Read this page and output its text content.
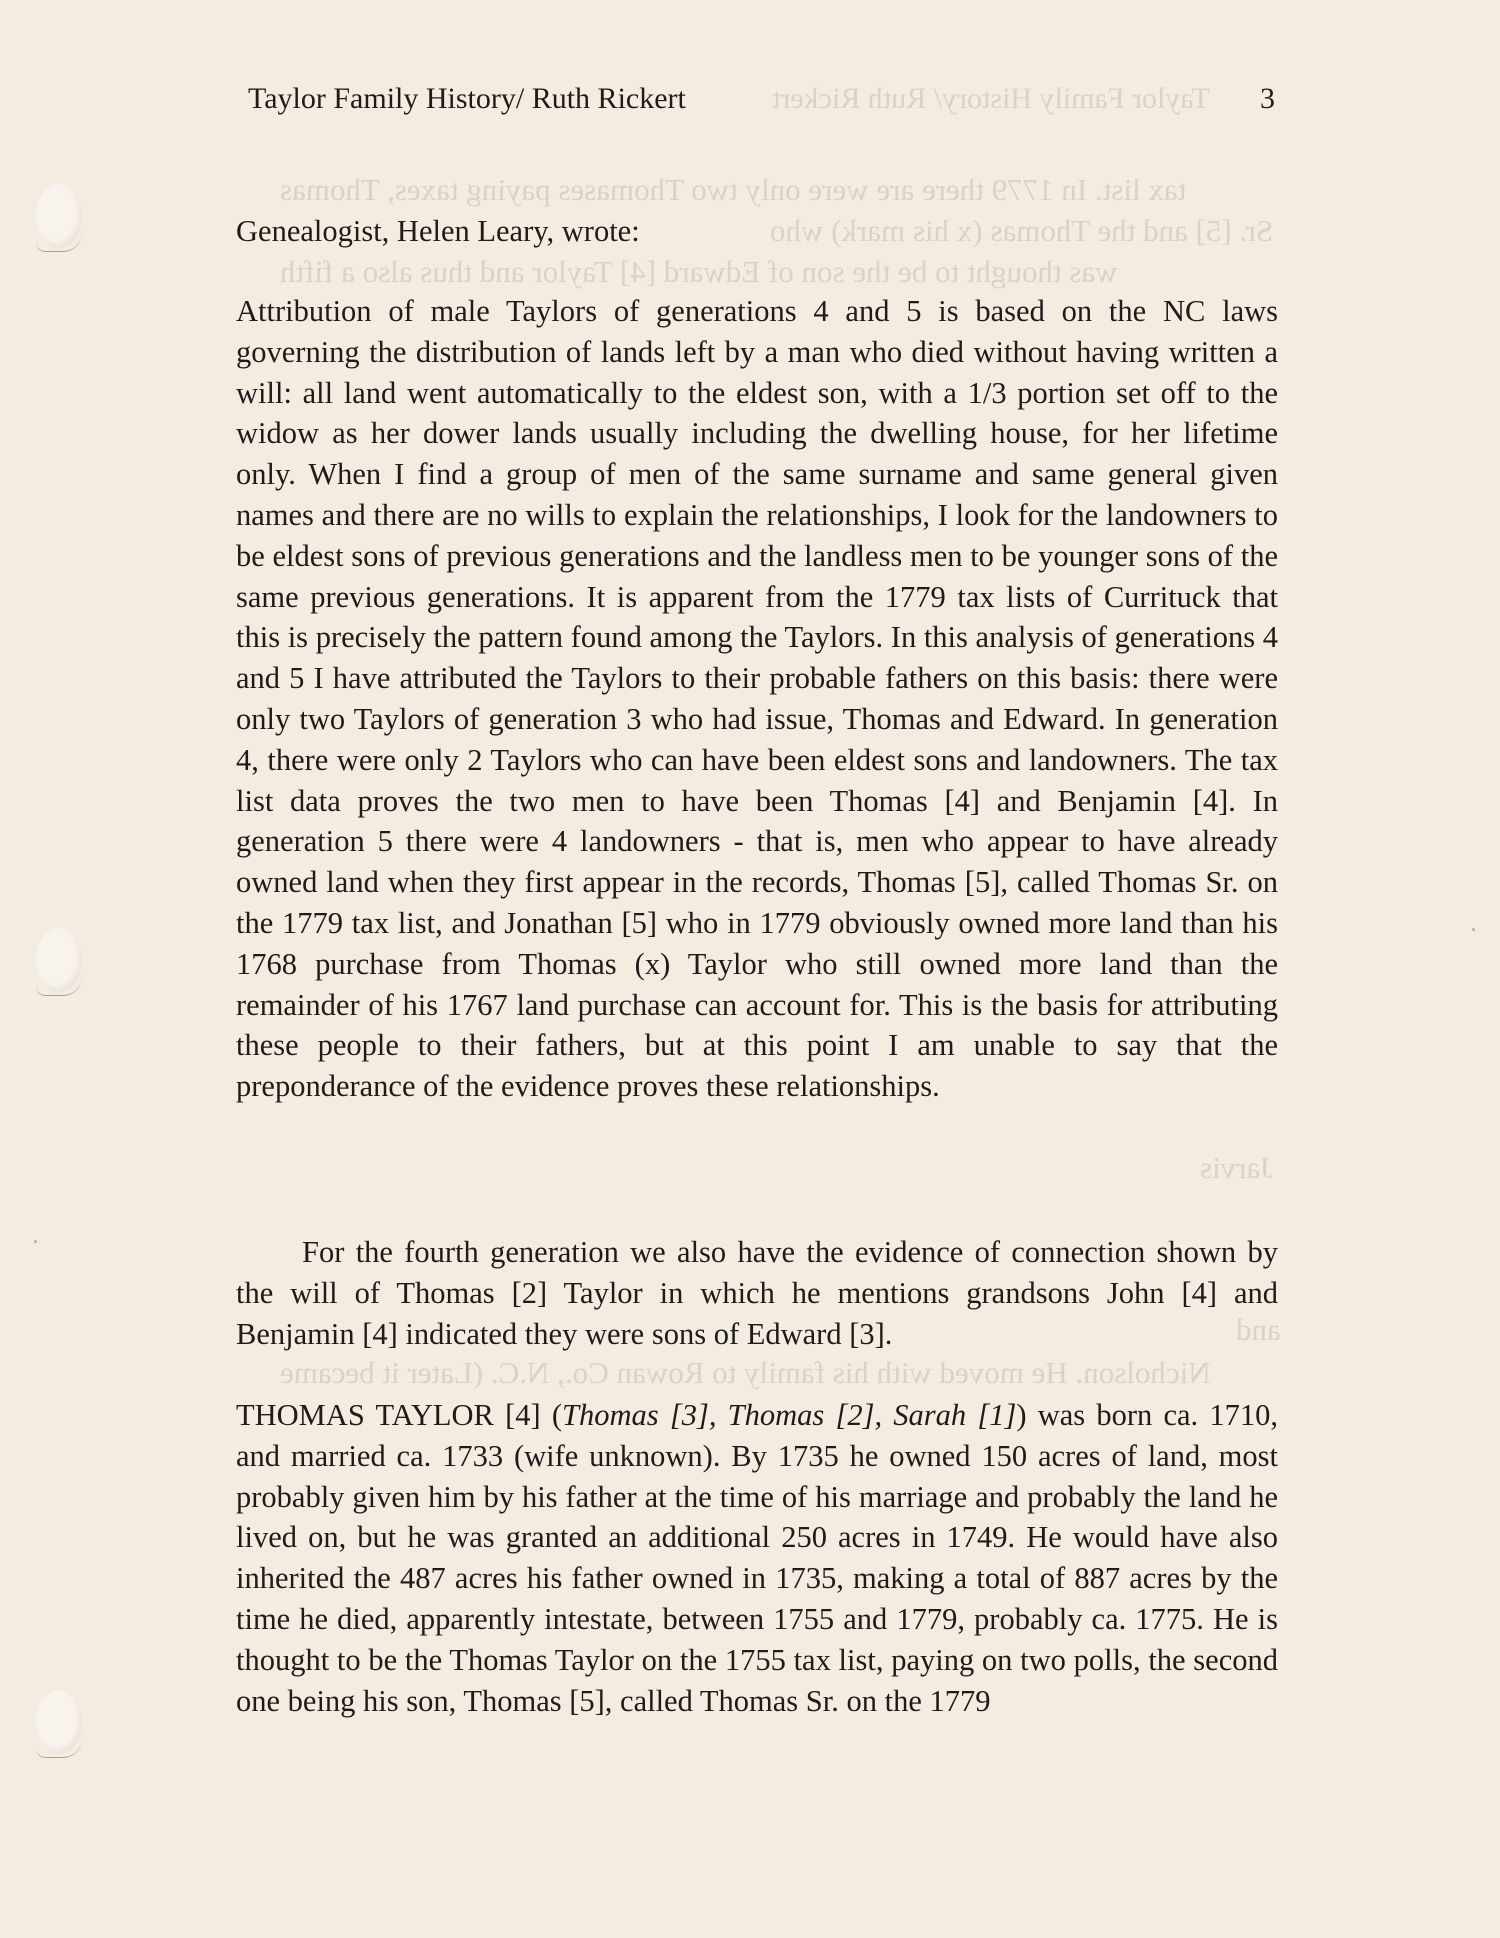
Taylor Family History/ Ruth Rickert
tax list. In 1779 there are were only two Thomases paying taxes, Thomas
Sr. [5] and the Thomas (x his mark) who
was thought to be the son of Edward [4] Taylor and thus also a fifth
Jarvis
and
Nicholson. He moved with his family to Rowan Co., N.C. (Later it became
Taylor Family History/ Ruth Rickert	3
Genealogist, Helen Leary, wrote:
Attribution of male Taylors of generations 4 and 5 is based on the NC laws governing the distribution of lands left by a man who died without having written a will: all land went automatically to the eldest son, with a 1/3 portion set off to the widow as her dower lands usually including the dwelling house, for her lifetime only. When I find a group of men of the same surname and same general given names and there are no wills to explain the relationships, I look for the landowners to be eldest sons of previous generations and the landless men to be younger sons of the same previous generations. It is apparent from the 1779 tax lists of Currituck that this is precisely the pattern found among the Taylors. In this analysis of generations 4 and 5 I have attributed the Taylors to their probable fathers on this basis: there were only two Taylors of generation 3 who had issue, Thomas and Edward. In generation 4, there were only 2 Taylors who can have been eldest sons and landowners. The tax list data proves the two men to have been Thomas [4] and Benjamin [4]. In generation 5 there were 4 landowners - that is, men who appear to have already owned land when they first appear in the records, Thomas [5], called Thomas Sr. on the 1779 tax list, and Jonathan [5] who in 1779 obviously owned more land than his 1768 purchase from Thomas (x) Taylor who still owned more land than the remainder of his 1767 land purchase can account for. This is the basis for attributing these people to their fathers, but at this point I am unable to say that the preponderance of the evidence proves these relationships.
For the fourth generation we also have the evidence of connection shown by the will of Thomas [2] Taylor in which he mentions grandsons John [4] and Benjamin [4] indicated they were sons of Edward [3].
THOMAS TAYLOR [4] (Thomas [3], Thomas [2], Sarah [1]) was born ca. 1710, and married ca. 1733 (wife unknown). By 1735 he owned 150 acres of land, most probably given him by his father at the time of his marriage and probably the land he lived on, but he was granted an additional 250 acres in 1749. He would have also inherited the 487 acres his father owned in 1735, making a total of 887 acres by the time he died, apparently intestate, between 1755 and 1779, probably ca. 1775. He is thought to be the Thomas Taylor on the 1755 tax list, paying on two polls, the second one being his son, Thomas [5], called Thomas Sr. on the 1779
